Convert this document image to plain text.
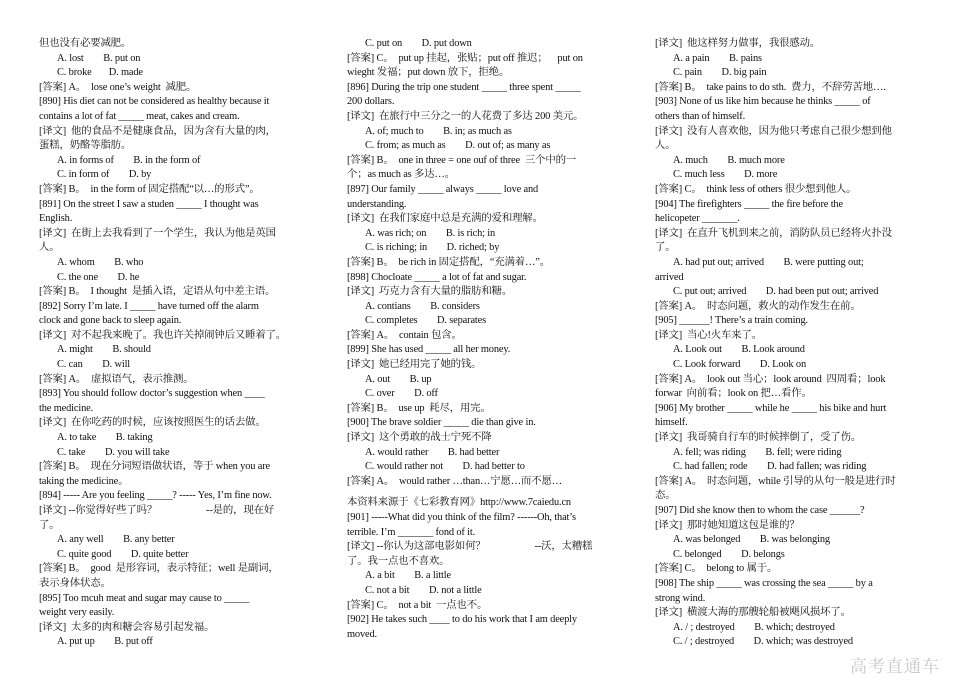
但也没有必要减肥。
A. lost        B. put on
C. broke       D. made
[答案] A。  lose one’s weight  减肥。
[890] His diet can not be considered as healthy because it
contains a lot of fat _____ meat, cakes and cream.
[译文]  他的食品不是健康食品，因为含有大量的肉，
蛋糕，奶酪等脂肪。
A. in forms of        B. in the form of
C. in form of        D. by
[答案] B。  in the form of 固定搭配“以…的形式”。
[891] On the street I saw a studen _____ I thought was
English.
[译文]  在街上去我看到了一个学生，我认为他是英国
人。
A. whom        B. who
C. the one        D. he
[答案] B。  I thought  是插入语，定语从句中差主语。
[892] Sorry I’m late. I _____ have turned off the alarm
clock and gone back to sleep again.
[译文]  对不起我来晚了。我也许关掉闹钟后又睡着了。
A. might        B. should
C. can        D. will
[答案] A。  虚拟语气，表示推测。
[893] You should follow doctor’s suggestion when ____
the medicine.
[译文]  在你吃药的时候，应该按照医生的话去做。
A. to take        B. taking
C. take        D. you will take
[答案] B。  现在分词短语做状语，等于 when you are
taking the medicine。
[894] ----- Are you feeling _____? ----- Yes, I’m fine now.
[译文] --你觉得好些了吗？                    --是的，现在好
了。
A. any well        B. any better
C. quite good        D. quite better
[答案] B。  good  是形容词，表示特征；well 是副词，
表示身体状态。
[895] Too mcuh meat and sugar may cause to _____
weight very easily.
[译文]  太多的肉和糖会容易引起发福。
A. put up        B. put off
C. put on        D. put down
[答案] C。  put up 挂起，张贴；put off 推迟；    put on
wieght 发福；put down 放下，拒绝。
[896] During the trip one student _____ three spent _____
200 dollars.
[译文]  在旅行中三分之一的人花费了多达 200 美元。
A. of; much to        B. in; as much as
C. from; as much as        D. out of; as many as
[答案] B。  one in three = one ouf of three  三个中的一
个；as much as 多达…。
[897] Our family _____ always _____ love and
understanding.
[译文]  在我们家庭中总是充满的爱和理解。
A. was rich; on        B. is rich; in
C. is riching; in        D. riched; by
[答案] B。  be rich in 固定搭配，“充满着…”。
[898] Chocloate _____ a lot of fat and sugar.
[译文]  巧克力含有大量的脂肪和糖。
A. contians        B. considers
C. completes        D. separates
[答案] A。  contain 包含。
[899] She has used _____ all her money.
[译文]  她已经用完了她的钱。
A. out        B. up
C. over        D. off
[答案] B。  use up  耗尽，用完。
[900] The brave soldier _____ die than give in.
[译文]  这个勇敢的战士宁死不降
A. would rather        B. had better
C. would rather not        D. had better to
[答案] A。  would rather …than…宁愿…而不愿…
本资料来源于《七彩教育网》http://www.7caiedu.cn
[901] -----What did you think of the film? ------Oh, that’s
terrible. I’m _______ fond of it.
[译文] --你认为这部电影如何？                    --沃，太糟糕
了。我一点也不喜欢。
A. a bit        B. a little
C. not a bit        D. not a little
[答案] C。  not a bit  一点也不。
[902] He takes such ____ to do his work that I am deeply
moved.
[译文]  他这样努力做事，我很感动。
A. a pain        B. pains
C. pain        D. big pain
[答案] B。  take pains to do sth.  费力，不辞劳苦地….
[903] None of us like him because he thinks _____ of
others than of himself.
[译文]  没有人喜欢他，因为他只考虑自己很少想到他
人。
A. much        B. much more
C. much less        D. more
[答案] C。  think less of others 很少想到他人。
[904] The firefighters _____ the fire before the
helicopeter _______.
[译文]  在直升飞机到来之前，消防队员已经将火扑没
了。
A. had put out; arrived        B. were putting out;
arrived
C. put out; arrived        D. had been put out; arrived
[答案] A。  时态问题，救火的动作发生在前。
[905] ______! There’s a train coming.
[译文]  当心!火车来了。
A. Look out        B. Look around
C. Look forward        D. Look on
[答案] A。  look out 当心；look around  四周看；look
forwar  向前看；look on 把…看作。
[906] My brother _____ while he _____ his bike and hurt
himself.
[译文]  我哥骑自行车的时候摔倒了，受了伤。
A. fell; was riding        B. fell; were riding
C. had fallen; rode        D. had fallen; was riding
[答案] A。  时态问题，while 引导的从句一般是进行时
态。
[907] Did she know then to whom the case ______?
[译文]  那时她知道这包是谁的？
A. was belonged        B. was belonging
C. belonged        D. belongs
[答案] C。  belong to 属于。
[908] The ship _____ was crossing the sea _____ by a
strong wind.
[译文]  横渡大海的那艘轮船被飓风损坏了。
A. / ; destroyed        B. which; destroyed
C. / ; destroyed        D. which; was destroyed
高考直通车
